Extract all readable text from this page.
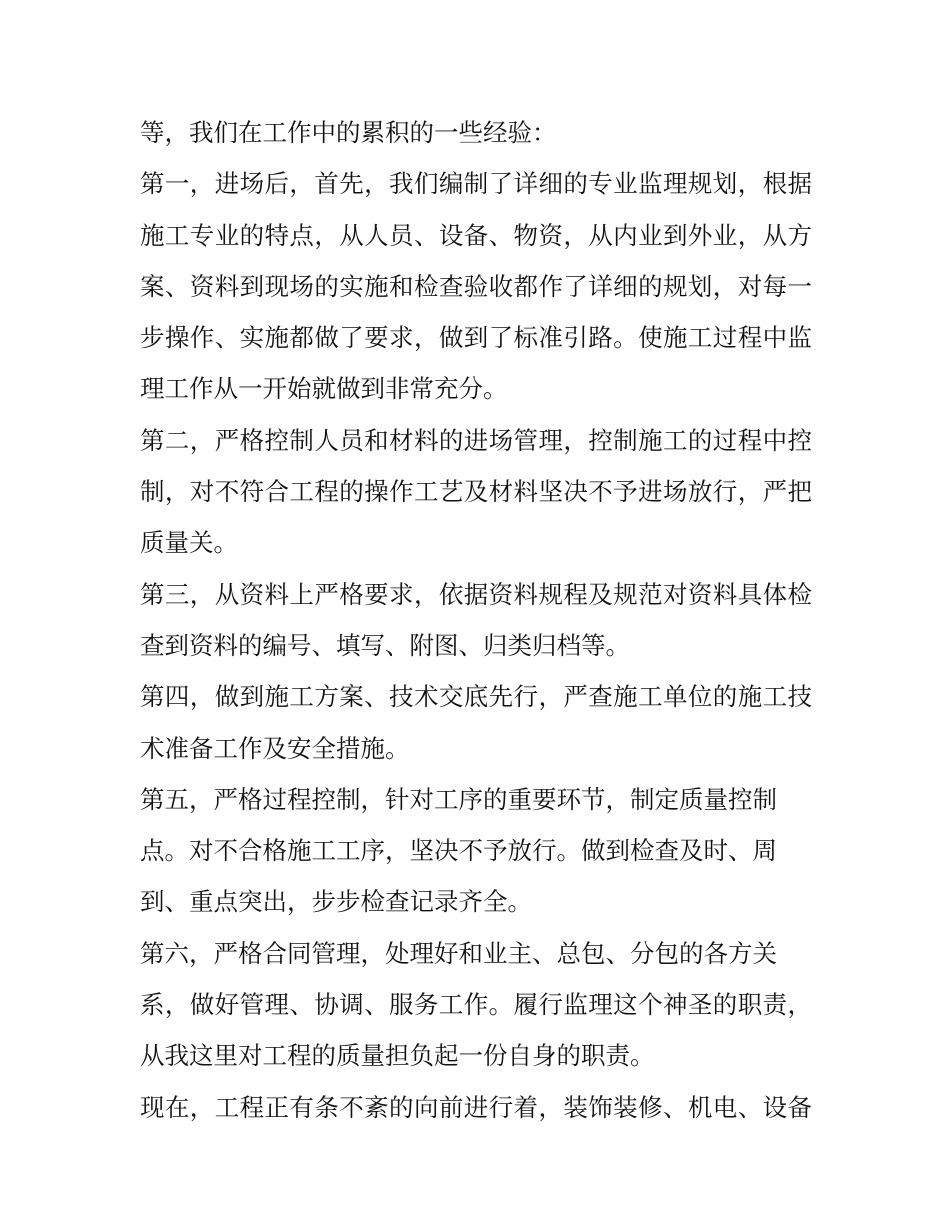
等，我们在工作中的累积的一些经验：
第一，进场后，首先，我们编制了详细的专业监理规划，根据
施工专业的特点，从人员、设备、物资，从内业到外业，从方
案、资料到现场的实施和检查验收都作了详细的规划，对每一
步操作、实施都做了要求，做到了标准引路。使施工过程中监
理工作从一开始就做到非常充分。
第二，严格控制人员和材料的进场管理，控制施工的过程中控
制，对不符合工程的操作工艺及材料坚决不予进场放行，严把
质量关。
第三，从资料上严格要求，依据资料规程及规范对资料具体检
查到资料的编号、填写、附图、归类归档等。
第四，做到施工方案、技术交底先行，严查施工单位的施工技
术准备工作及安全措施。
第五，严格过程控制，针对工序的重要环节，制定质量控制
点。对不合格施工工序，坚决不予放行。做到检查及时、周
到、重点突出，步步检查记录齐全。
第六，严格合同管理，处理好和业主、总包、分包的各方关
系，做好管理、协调、服务工作。履行监理这个神圣的职责，
从我这里对工程的质量担负起一份自身的职责。
现在，工程正有条不紊的向前进行着，装饰装修、机电、设备
